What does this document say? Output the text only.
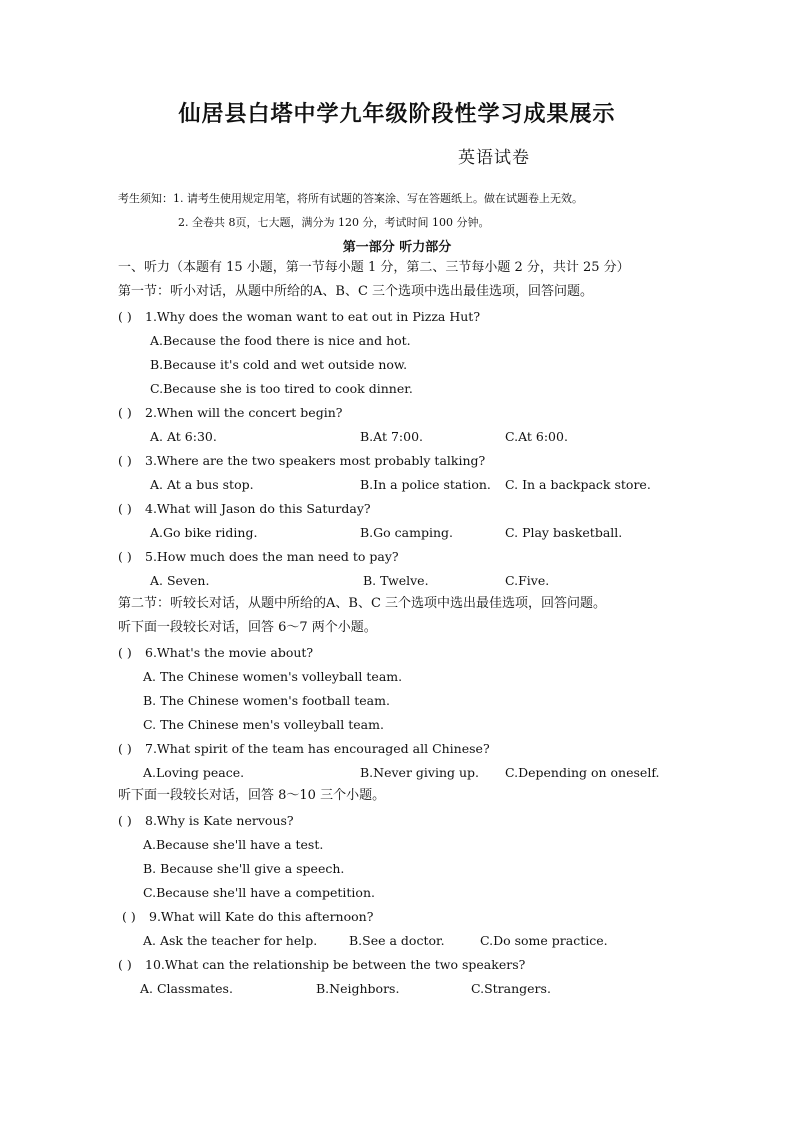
仙居县白塔中学九年级阶段性学习成果展示
英语试卷
考生须知：1. 请考生使用规定用笔，将所有试题的答案涂、写在答题纸上。做在试题卷上无效。
2. 全卷共 8页，七大题，满分为 120 分，考试时间 100 分钟。
第一部分 听力部分
一、听力（本题有 15 小题，第一节每小题 1 分，第二、三节每小题 2 分，共计 25 分）
第一节：听小对话，从题中所给的A、B、C 三个选项中选出最佳选项，回答问题。
( ) 1.Why does the woman want to eat out in Pizza Hut?
A.Because the food there is nice and hot.
B.Because it's cold and wet outside now.
C.Because she is too tired to cook dinner.
( ) 2.When will the concert begin?
A. At 6:30.	B.At 7:00.	C.At 6:00.
( ) 3.Where are the two speakers most probably talking?
A. At a bus stop.	B.In a police station. C. In a backpack store.
( ) 4.What will Jason do this Saturday?
A.Go bike riding.	B.Go camping.	C. Play basketball.
( ) 5.How much does the man need to pay?
A. Seven.	B. Twelve.	C.Five.
第二节：听较长对话，从题中所给的A、B、C 三个选项中选出最佳选项，回答问题。
听下面一段较长对话，回答 6～7 两个小题。
( ) 6.What's the movie about?
A. The Chinese women's volleyball team.
B. The Chinese women's football team.
C. The Chinese men's volleyball team.
( ) 7.What spirit of the team has encouraged all Chinese?
A.Loving peace.	B.Never giving up. C.Depending on oneself.
听下面一段较长对话，回答 8～10 三个小题。
( ) 8.Why is Kate nervous?
A.Because she'll have a test.
B. Because she'll give a speech.
C.Because she'll have a competition.
( ) 9.What will Kate do this afternoon?
A. Ask the teacher for help.	B.See a doctor.	C.Do some practice.
( ) 10.What can the relationship be between the two speakers?
A. Classmates.	B.Neighbors.	C.Strangers.
